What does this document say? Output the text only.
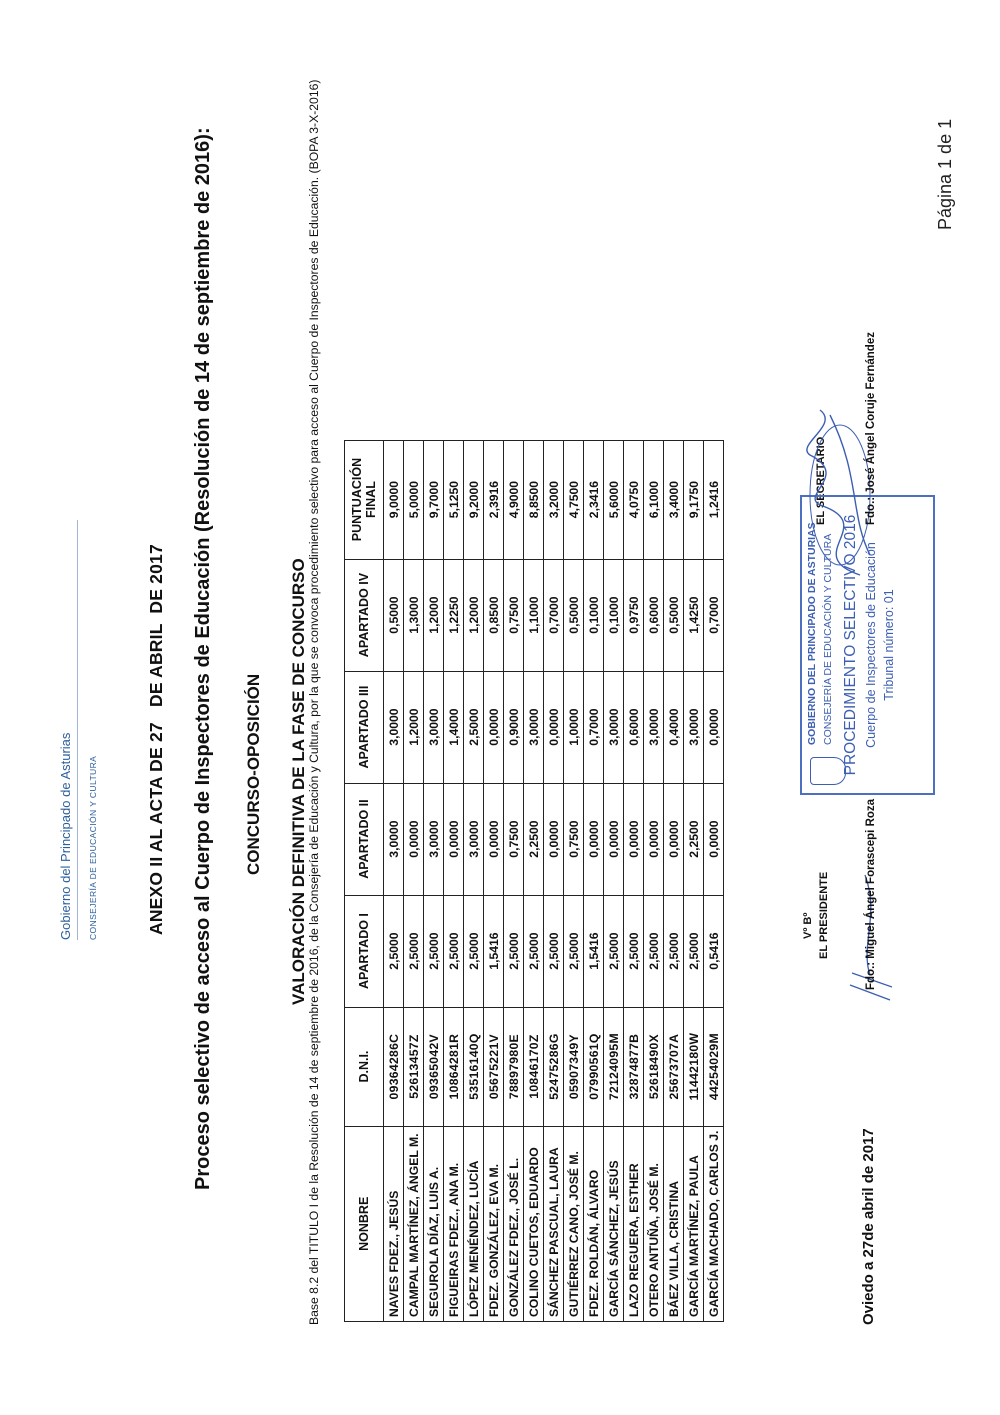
Gobierno del Principado de Asturias CONSEJERÍA DE EDUCACIÓN Y CULTURA	ANEXO II AL ACTA DE 27   DE ABRIL  DE 2017 Proceso selectivo de acceso al Cuerpo de Inspectores de Educación (Resolución de 14 de septiembre de 2016): CONCURSO-OPOSICIÓN VALORACIÓN DEFINITIVA DE LA FASE DE CONCURSO Base 8.2 del TITULO I de la Resolución de 14 de septiembre de 2016, de la Consejería de Educación y Cultura, por la que se convoca procedimiento selectivo para acceso al Cuerpo de Inspectores de Educación. (BOPA 3-X-2016)	NONBRE	D.N.I.	APARTADO I	APARTADO II	APARTADO III	APARTADO IV	PUNTUACIÓN FINAL
NAVES FDEZ., JESÚS	09364286C	2,5000	3,0000	3,0000	0,5000	9,0000
CAMPAL MARTÍNEZ, ÁNGEL M.	52613457Z	2,5000	0,0000	1,2000	1,3000	5,0000
SEGUROLA DÍAZ, LUIS A.	09365042V	2,5000	3,0000	3,0000	1,2000	9,7000
FIGUEIRAS FDEZ., ANA M.	10864281R	2,5000	0,0000	1,4000	1,2250	5,1250
LÓPEZ MENÉNDEZ, LUCÍA	53516140Q	2,5000	3,0000	2,5000	1,2000	9,2000
FDEZ. GONZÁLEZ, EVA M.	05675221V	1,5416	0,0000	0,0000	0,8500	2,3916
GONZÁLEZ FDEZ., JOSÉ L.	78897980E	2,5000	0,7500	0,9000	0,7500	4,9000
COLINO CUETOS, EDUARDO	10846170Z	2,5000	2,2500	3,0000	1,1000	8,8500
SÁNCHEZ PASCUAL, LAURA	52475286G	2,5000	0,0000	0,0000	0,7000	3,2000
GUTIÉRREZ CANO, JOSÉ M.	05907349Y	2,5000	0,7500	1,0000	0,5000	4,7500
FDEZ. ROLDÁN, ÁLVARO	07990561Q	1,5416	0,0000	0,7000	0,1000	2,3416
GARCÍA SÁNCHEZ, JESÚS	72124095M	2,5000	0,0000	3,0000	0,1000	5,6000
LAZO REGUERA, ESTHER	32874877B	2,5000	0,0000	0,6000	0,9750	4,0750
OTERO ANTUÑA, JOSÉ M.	52618490X	2,5000	0,0000	3,0000	0,6000	6,1000
BÁEZ VILLA, CRISTINA	25673707A	2,5000	0,0000	0,4000	0,5000	3,4000
GARCÍA MARTÍNEZ, PAULA	11442180W	2,5000	2,2500	3,0000	1,4250	9,1750
GARCÍA MACHADO, CARLOS J.	44254029M	0,5416	0,0000	0,0000	0,7000	1,2416
Oviedo a 27de abril de 2017
Vº Bº EL PRESIDENTE
EL SECRETARIO
GOBIERNO DEL PRINCIPADO DE ASTURIAS CONSEJERÍA DE EDUCACIÓN Y CULTURA PROCEDIMIENTO SELECTIVO 2016 Cuerpo de Inspectores de Educación Tribunal número: 01
Fdo.: Miguel Ángel Forascepi Roza
Fdo.: José Ángel Coruje Fernández
Página 1 de 1
